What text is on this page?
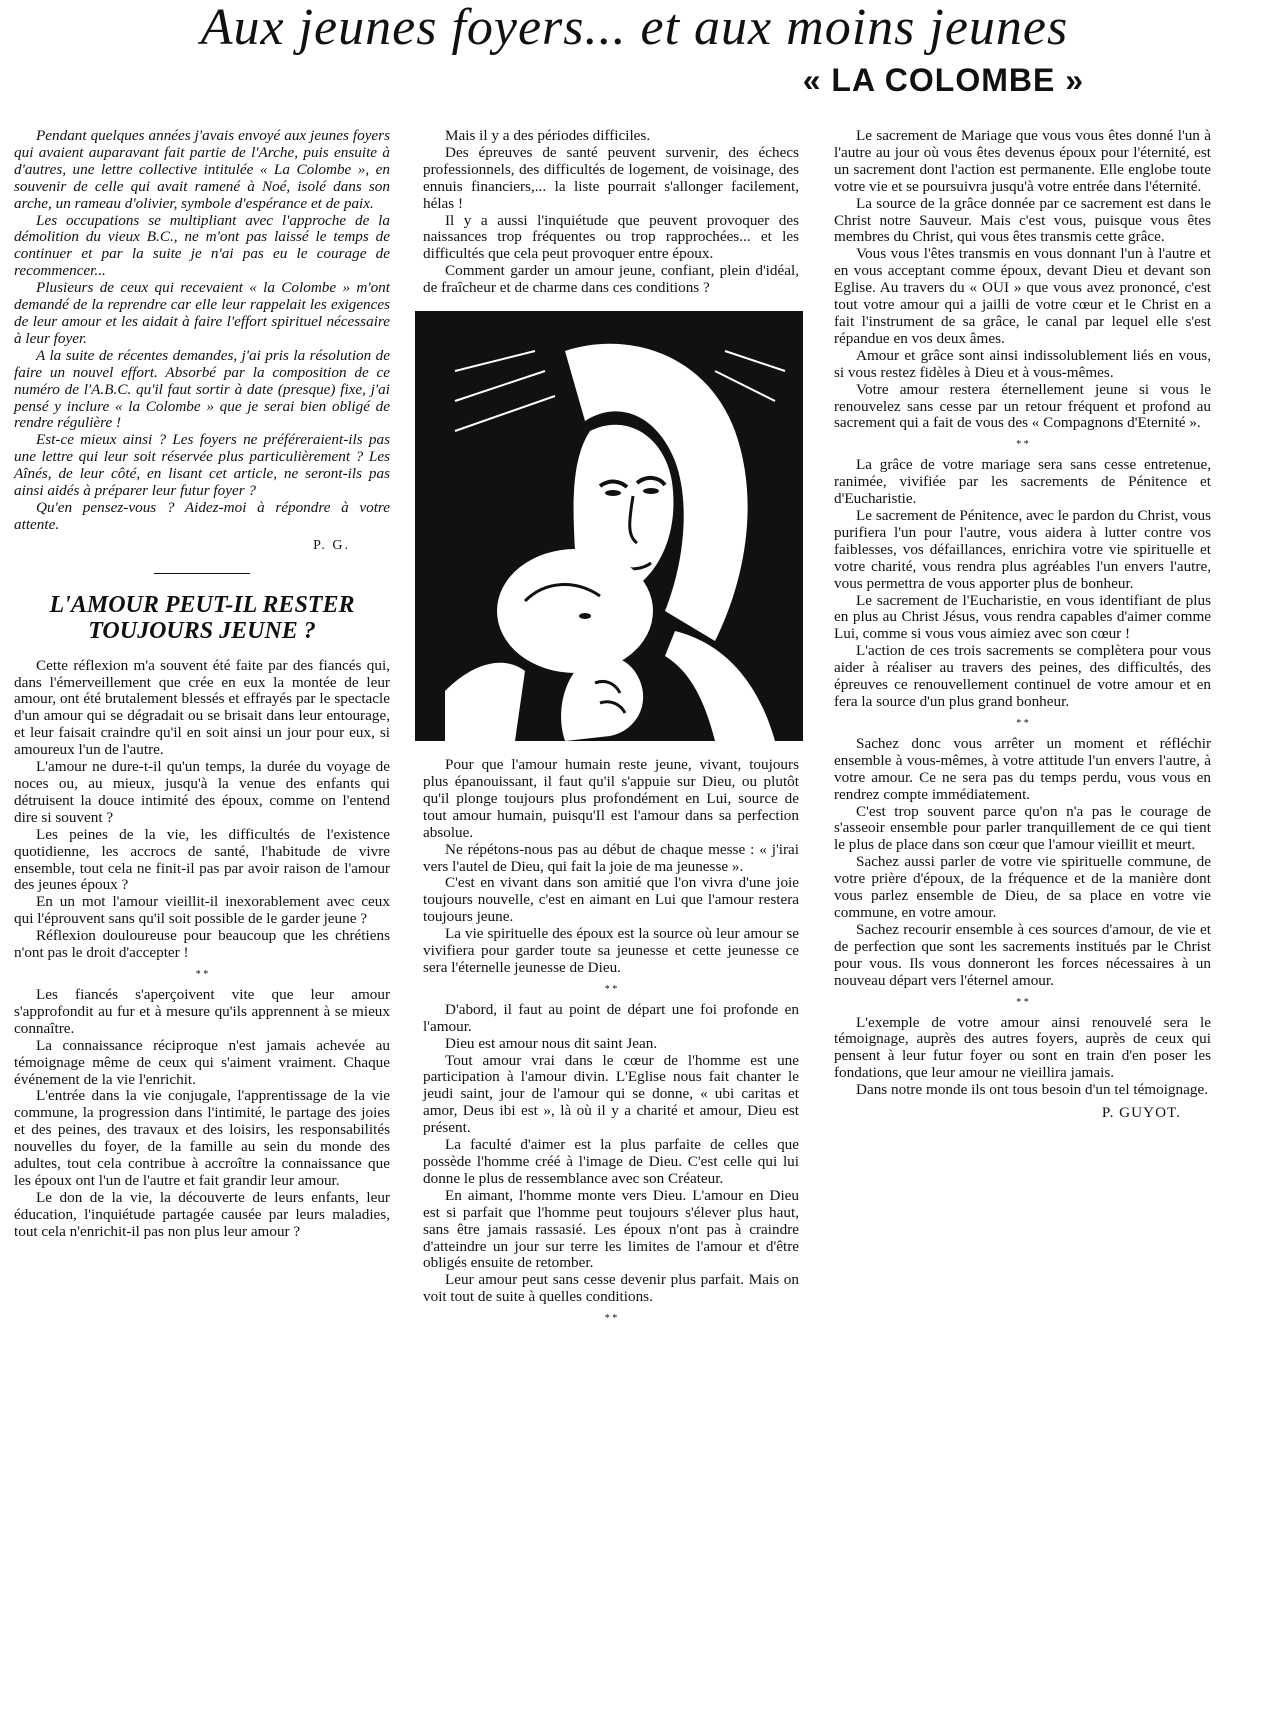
Aux jeunes foyers... et aux moins jeunes
« LA COLOMBE »

Pendant quelques années j'avais envoyé aux jeunes foyers qui avaient auparavant fait partie de l'Arche, puis ensuite à d'autres, une lettre collective intitulée « La Colombe », en souvenir de celle qui avait ramené à Noé, isolé dans son arche, un rameau d'olivier, symbole d'espérance et de paix.

Les occupations se multipliant avec l'approche de la démolition du vieux B.C., ne m'ont pas laissé le temps de continuer et par la suite je n'ai pas eu le courage de recommencer...

Plusieurs de ceux qui recevaient « la Colombe » m'ont demandé de la reprendre car elle leur rappelait les exigences de leur amour et les aidait à faire l'effort spirituel nécessaire à leur foyer.

A la suite de récentes demandes, j'ai pris la résolution de faire un nouvel effort. Absorbé par la composition de ce numéro de l'A.B.C. qu'il faut sortir à date (presque) fixe, j'ai pensé y inclure « la Colombe » que je serai bien obligé de rendre régulière !

Est-ce mieux ainsi ? Les foyers ne préféreraient-ils pas une lettre qui leur soit réservée plus particulièrement ? Les Aînés, de leur côté, en lisant cet article, ne seront-ils pas ainsi aidés à préparer leur futur foyer ?

Qu'en pensez-vous ? Aidez-moi à répondre à votre attente.

P. G.
L'AMOUR PEUT-IL RESTER TOUJOURS JEUNE ?

Cette réflexion m'a souvent été faite par des fiancés qui, dans l'émerveillement que crée en eux la montée de leur amour, ont été brutalement blessés et effrayés par le spectacle d'un amour qui se dégradait ou se brisait dans leur entourage, et leur faisait craindre qu'il en soit ainsi un jour pour eux, si amoureux l'un de l'autre.

L'amour ne dure-t-il qu'un temps, la durée du voyage de noces ou, au mieux, jusqu'à la venue des enfants qui détruisent la douce intimité des époux, comme on l'entend dire si souvent ?

Les peines de la vie, les difficultés de l'existence quotidienne, les accrocs de santé, l'habitude de vivre ensemble, tout cela ne finit-il pas par avoir raison de l'amour des jeunes époux ?

En un mot l'amour vieillit-il inexorablement avec ceux qui l'éprouvent sans qu'il soit possible de le garder jeune ?

Réflexion douloureuse pour beaucoup que les chrétiens n'ont pas le droit d'accepter !

* *

Les fiancés s'aperçoivent vite que leur amour s'approfondit au fur et à mesure qu'ils apprennent à se mieux connaître.

La connaissance réciproque n'est jamais achevée au témoignage même de ceux qui s'aiment vraiment. Chaque événement de la vie l'enrichit.

L'entrée dans la vie conjugale, l'apprentissage de la vie commune, la progression dans l'intimité, le partage des joies et des peines, des travaux et des loisirs, les responsabilités nouvelles du foyer, de la famille au sein du monde des adultes, tout cela contribue à accroître la connaissance que les époux ont l'un de l'autre et fait grandir leur amour.

Le don de la vie, la découverte de leurs enfants, leur éducation, l'inquiétude partagée causée par leurs maladies, tout cela n'enrichit-il pas non plus leur amour ?

Mais il y a des périodes difficiles.

Des épreuves de santé peuvent survenir, des échecs professionnels, des difficultés de logement, de voisinage, des ennuis financiers,... la liste pourrait s'allonger facilement, hélas !

Il y a aussi l'inquiétude que peuvent provoquer des naissances trop fréquentes ou trop rapprochées... et les difficultés que cela peut provoquer entre époux.

Comment garder un amour jeune, confiant, plein d'idéal, de fraîcheur et de charme dans ces conditions ?

Pour que l'amour humain reste jeune, vivant, toujours plus épanouissant, il faut qu'il s'appuie sur Dieu, ou plutôt qu'il plonge toujours plus profondément en Lui, source de tout amour humain, puisqu'Il est l'amour dans sa perfection absolue.

Ne répétons-nous pas au début de chaque messe : « j'irai vers l'autel de Dieu, qui fait la joie de ma jeunesse ».

C'est en vivant dans son amitié que l'on vivra d'une joie toujours nouvelle, c'est en aimant en Lui que l'amour restera toujours jeune.

La vie spirituelle des époux est la source où leur amour se vivifiera pour garder toute sa jeunesse et cette jeunesse ce sera l'éternelle jeunesse de Dieu.

* *

D'abord, il faut au point de départ une foi profonde en l'amour.

Dieu est amour nous dit saint Jean.

Tout amour vrai dans le cœur de l'homme est une participation à l'amour divin. L'Eglise nous fait chanter le jeudi saint, jour de l'amour qui se donne, « ubi caritas et amor, Deus ibi est », là où il y a charité et amour, Dieu est présent.

La faculté d'aimer est la plus parfaite de celles que possède l'homme créé à l'image de Dieu. C'est celle qui lui donne le plus de ressemblance avec son Créateur.

En aimant, l'homme monte vers Dieu. L'amour en Dieu est si parfait que l'homme peut toujours s'élever plus haut, sans être jamais rassasié. Les époux n'ont pas à craindre d'atteindre un jour sur terre les limites de l'amour et d'être obligés ensuite de retomber.

Leur amour peut sans cesse devenir plus parfait. Mais on voit tout de suite à quelles conditions.

* *

Le sacrement de Mariage que vous vous êtes donné l'un à l'autre au jour où vous êtes devenus époux pour l'éternité, est un sacrement dont l'action est permanente. Elle englobe toute votre vie et se poursuivra jusqu'à votre entrée dans l'éternité.

La source de la grâce donnée par ce sacrement est dans le Christ notre Sauveur. Mais c'est vous, puisque vous êtes membres du Christ, qui vous êtes transmis cette grâce.

Vous vous l'êtes transmis en vous donnant l'un à l'autre et en vous acceptant comme époux, devant Dieu et devant son Eglise. Au travers du « OUI » que vous avez prononcé, c'est tout votre amour qui a jailli de votre cœur et le Christ en a fait l'instrument de sa grâce, le canal par lequel elle s'est répandue en vos deux âmes.

Amour et grâce sont ainsi indissolublement liés en vous, si vous restez fidèles à Dieu et à vous-mêmes.

Votre amour restera éternellement jeune si vous le renouvelez sans cesse par un retour fréquent et profond au sacrement qui a fait de vous des « Compagnons d'Eternité ».

* *

La grâce de votre mariage sera sans cesse entretenue, ranimée, vivifiée par les sacrements de Pénitence et d'Eucharistie.

Le sacrement de Pénitence, avec le pardon du Christ, vous purifiera l'un pour l'autre, vous aidera à lutter contre vos faiblesses, vos défaillances, enrichira votre vie spirituelle et votre charité, vous rendra plus agréables l'un envers l'autre, vous permettra de vous apporter plus de bonheur.

Le sacrement de l'Eucharistie, en vous identifiant de plus en plus au Christ Jésus, vous rendra capables d'aimer comme Lui, comme si vous vous aimiez avec son cœur !

L'action de ces trois sacrements se complètera pour vous aider à réaliser au travers des peines, des difficultés, des épreuves ce renouvellement continuel de votre amour et en fera la source d'un plus grand bonheur.

* *

Sachez donc vous arrêter un moment et réfléchir ensemble à vous-mêmes, à votre attitude l'un envers l'autre, à votre amour. Ce ne sera pas du temps perdu, vous vous en rendrez compte immédiatement.

C'est trop souvent parce qu'on n'a pas le courage de s'asseoir ensemble pour parler tranquillement de ce qui tient le plus de place dans son cœur que l'amour vieillit et meurt.

Sachez aussi parler de votre vie spirituelle commune, de votre prière d'époux, de la fréquence et de la manière dont vous parlez ensemble de Dieu, de sa place en votre vie commune, en votre amour.

Sachez recourir ensemble à ces sources d'amour, de vie et de perfection que sont les sacrements institués par le Christ pour vous. Ils vous donneront les forces nécessaires à un nouveau départ vers l'éternel amour.

* *

L'exemple de votre amour ainsi renouvelé sera le témoignage, auprès des autres foyers, auprès de ceux qui pensent à leur futur foyer ou sont en train d'en poser les fondations, que leur amour ne vieillira jamais.

Dans notre monde ils ont tous besoin d'un tel témoignage.

P. GUYOT.
